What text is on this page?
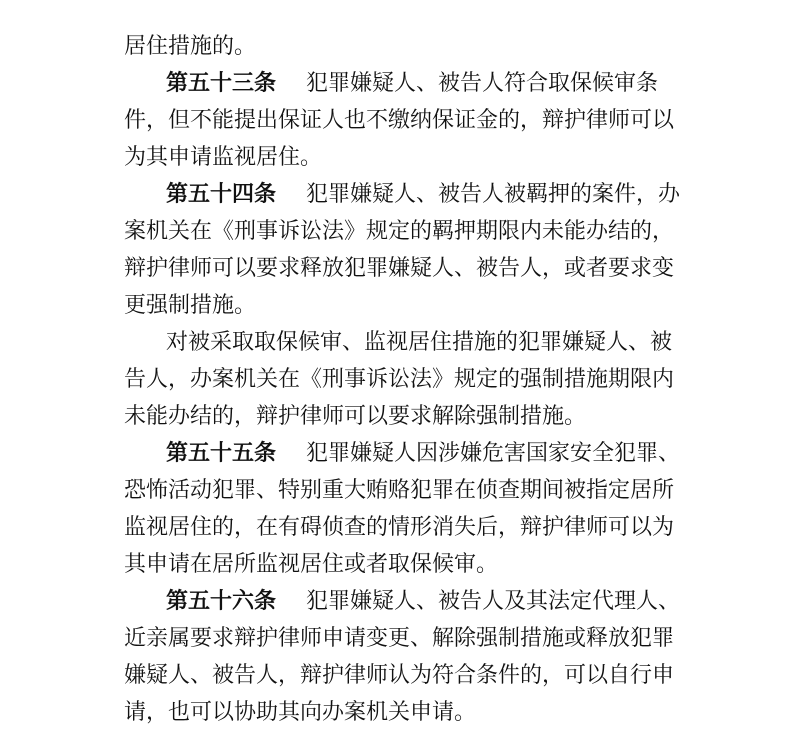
居住措施的。
第五十三条 犯罪嫌疑人、被告人符合取保候审条
件，但不能提出保证人也不缴纳保证金的，辩护律师可以
为其申请监视居住。
第五十四条 犯罪嫌疑人、被告人被羁押的案件，办
案机关在《刑事诉讼法》规定的羁押期限内未能办结的，
辩护律师可以要求释放犯罪嫌疑人、被告人，或者要求变
更强制措施。
对被采取取保候审、监视居住措施的犯罪嫌疑人、被
告人，办案机关在《刑事诉讼法》规定的强制措施期限内
未能办结的，辩护律师可以要求解除强制措施。
第五十五条 犯罪嫌疑人因涉嫌危害国家安全犯罪、
恐怖活动犯罪、特别重大贿赂犯罪在侦查期间被指定居所
监视居住的，在有碍侦查的情形消失后，辩护律师可以为
其申请在居所监视居住或者取保候审。
第五十六条 犯罪嫌疑人、被告人及其法定代理人、
近亲属要求辩护律师申请变更、解除强制措施或释放犯罪
嫌疑人、被告人，辩护律师认为符合条件的，可以自行申
请，也可以协助其向办案机关申请。
